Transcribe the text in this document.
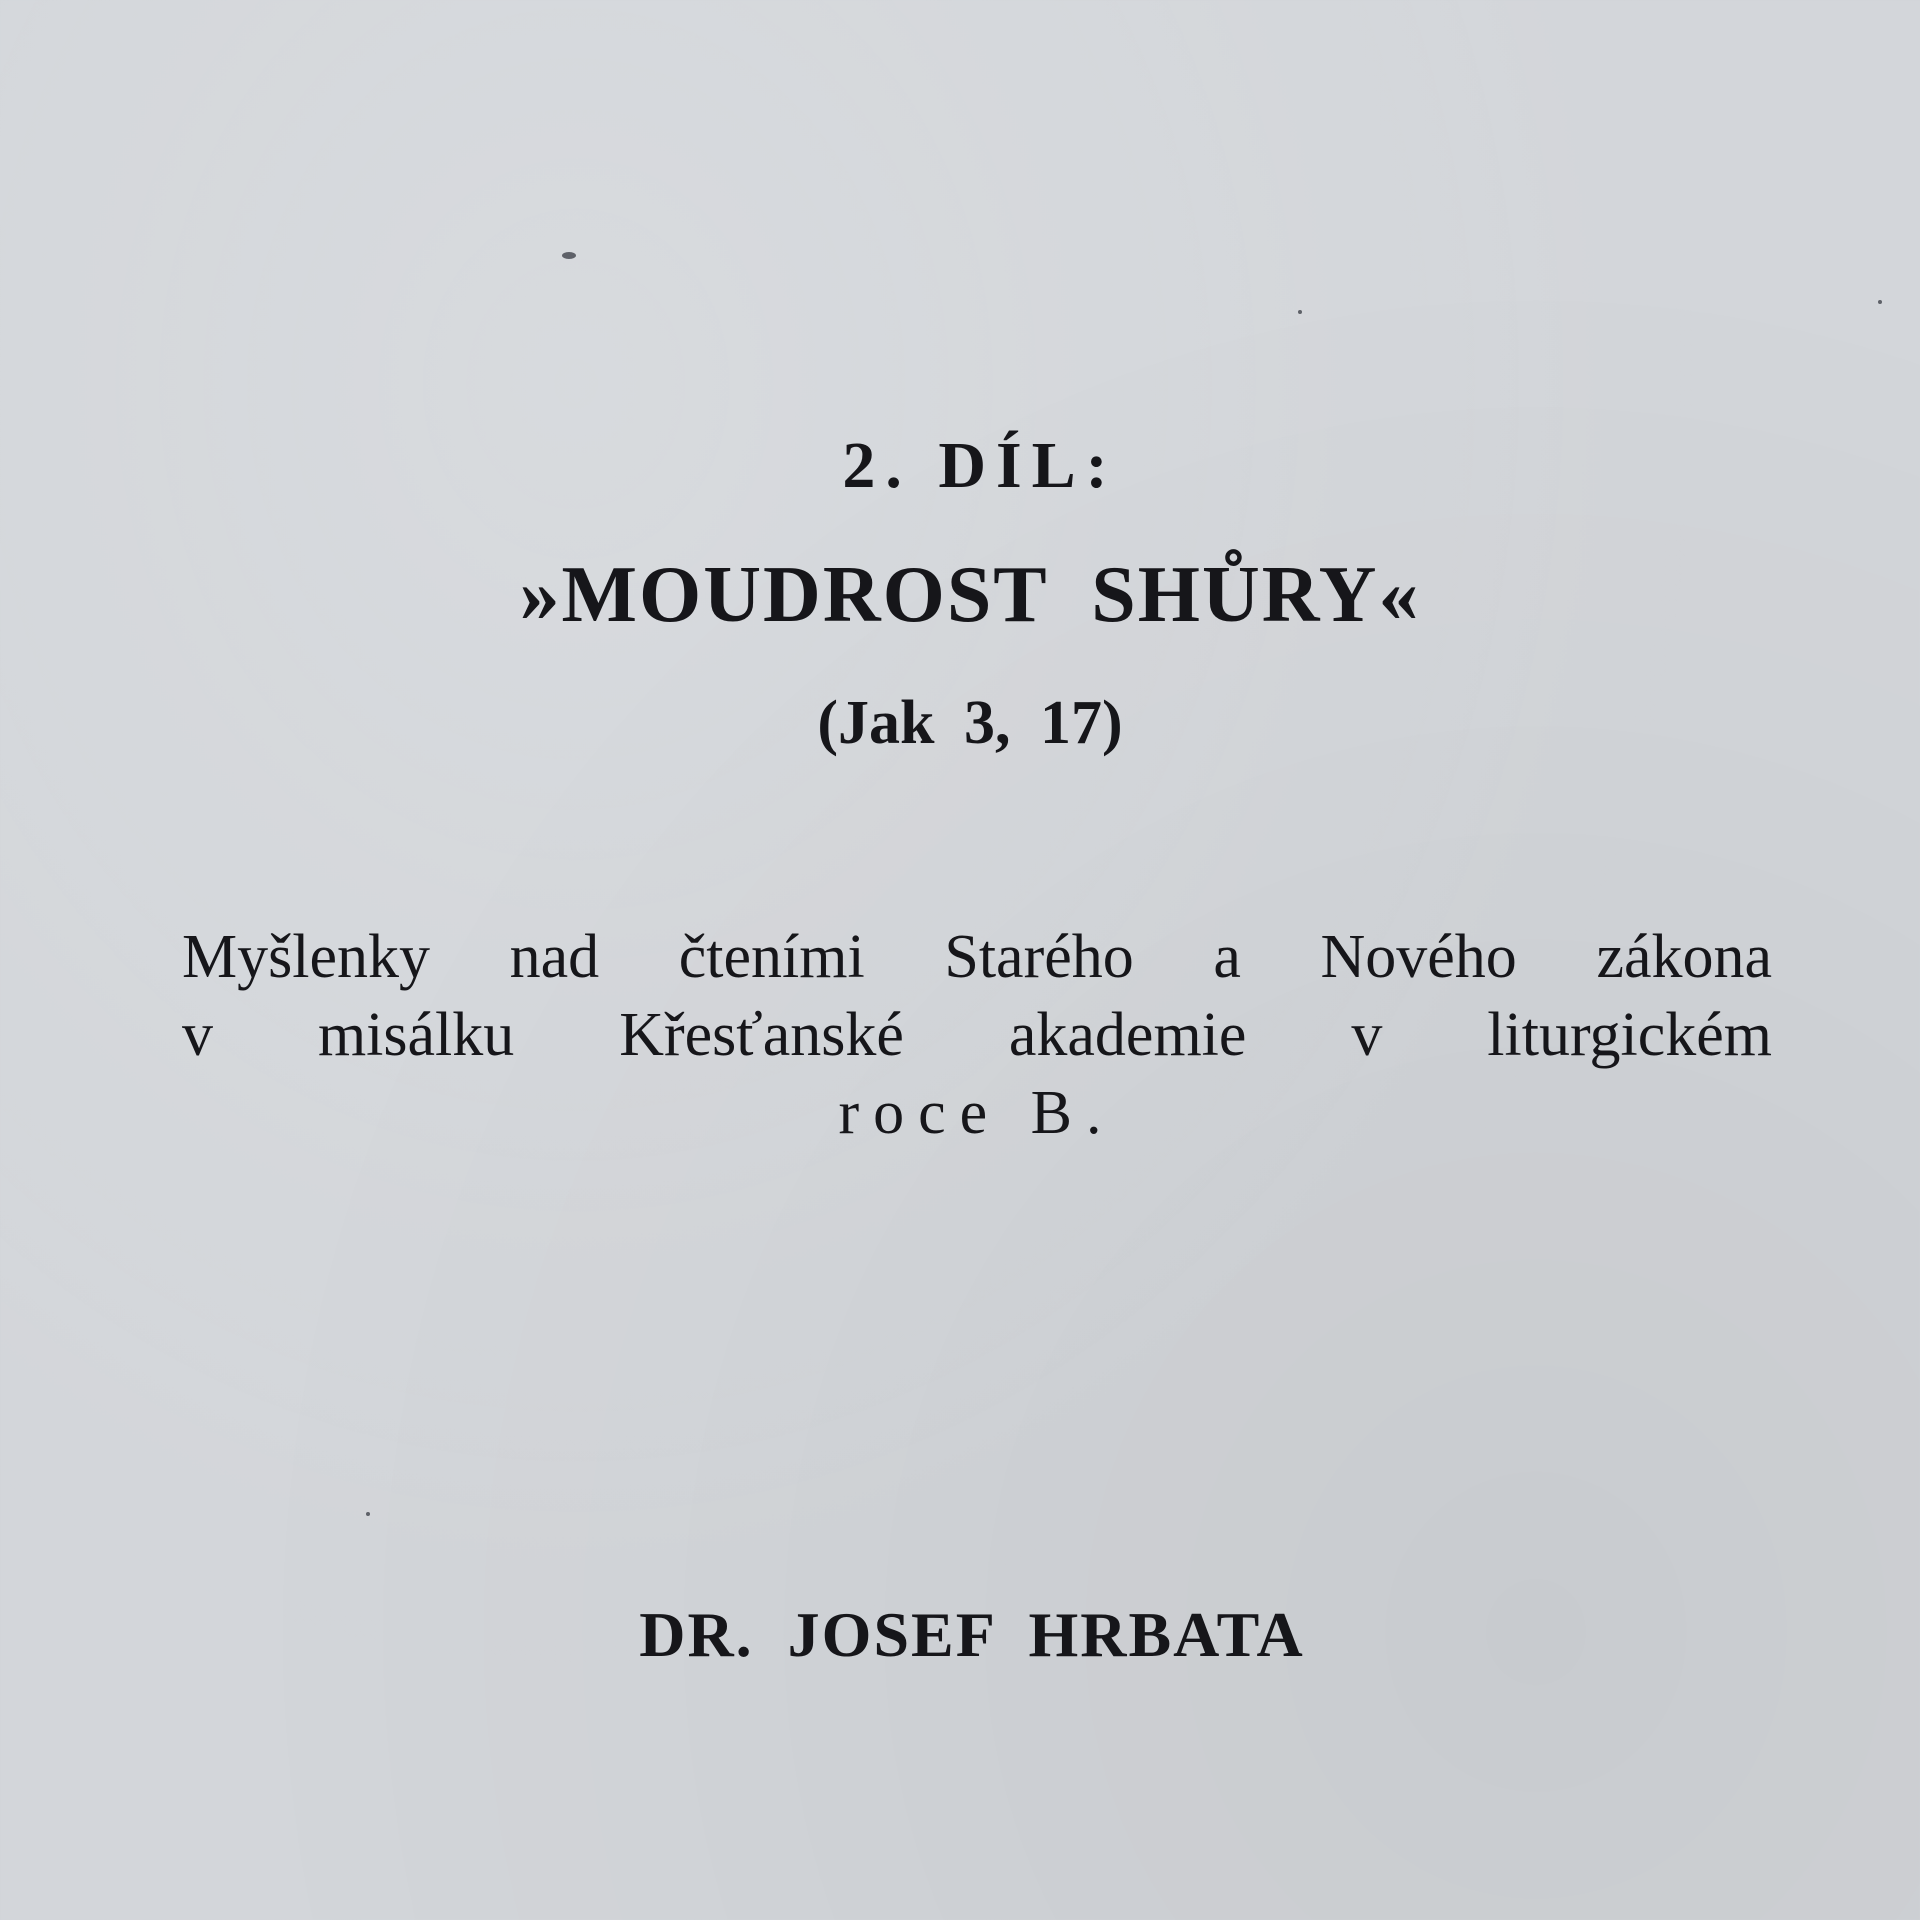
2. DÍL:
»MOUDROST SHŮRY«
(Jak 3, 17)
Myšlenky nad čteními Starého a Nového zákona
v misálku Křesťanské akademie v liturgickém
roce B.
DR. JOSEF HRBATA
